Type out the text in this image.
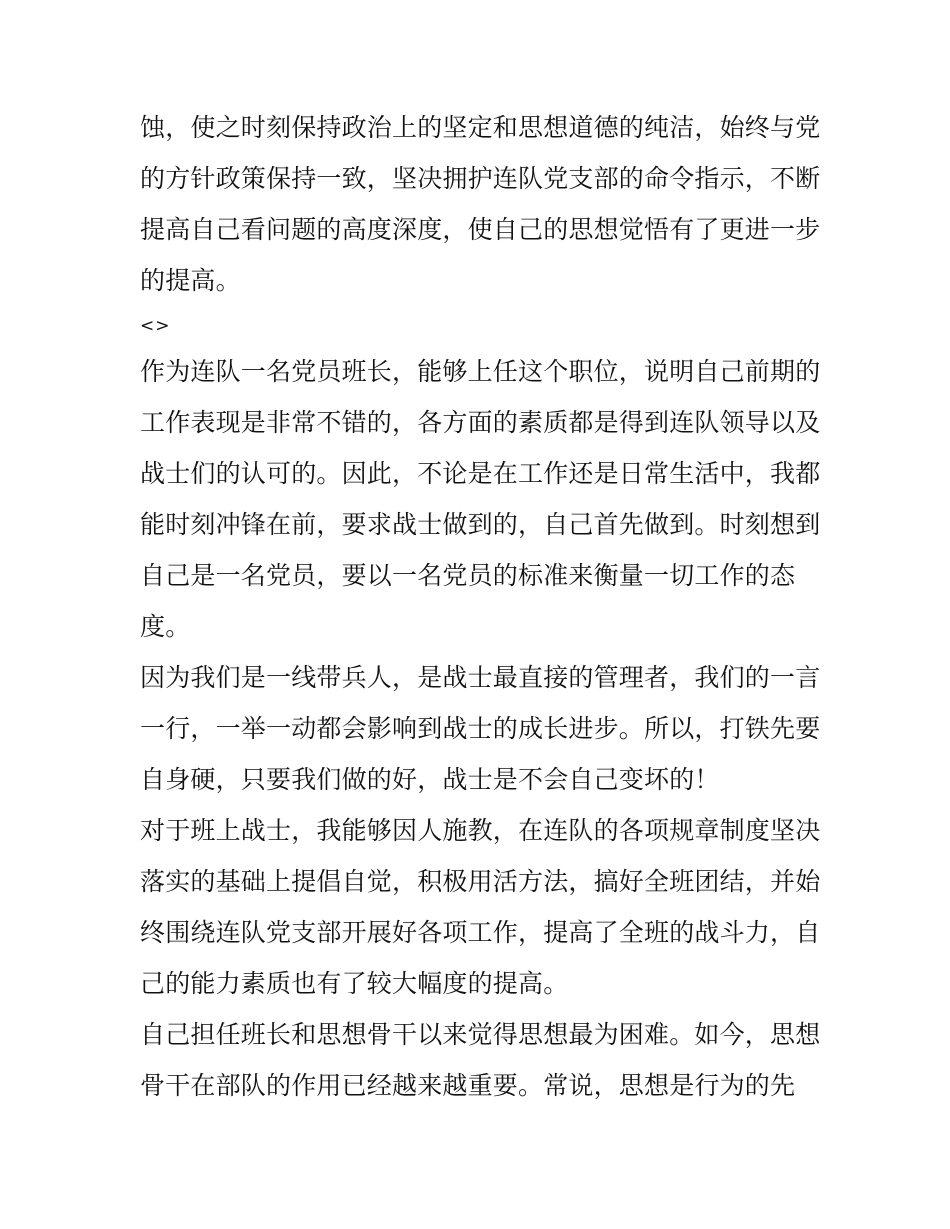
蚀，使之时刻保持政治上的坚定和思想道德的纯洁，始终与党
的方针政策保持一致，坚决拥护连队党支部的命令指示，不断
提高自己看问题的高度深度，使自己的思想觉悟有了更进一步
的提高。
<>
作为连队一名党员班长，能够上任这个职位，说明自己前期的
工作表现是非常不错的，各方面的素质都是得到连队领导以及
战士们的认可的。因此，不论是在工作还是日常生活中，我都
能时刻冲锋在前，要求战士做到的，自己首先做到。时刻想到
自己是一名党员，要以一名党员的标准来衡量一切工作的态
度。
因为我们是一线带兵人，是战士最直接的管理者，我们的一言
一行，一举一动都会影响到战士的成长进步。所以，打铁先要
自身硬，只要我们做的好，战士是不会自己变坏的！
对于班上战士，我能够因人施教，在连队的各项规章制度坚决
落实的基础上提倡自觉，积极用活方法，搞好全班团结，并始
终围绕连队党支部开展好各项工作，提高了全班的战斗力，自
己的能力素质也有了较大幅度的提高。
自己担任班长和思想骨干以来觉得思想最为困难。如今，思想
骨干在部队的作用已经越来越重要。常说，思想是行为的先
